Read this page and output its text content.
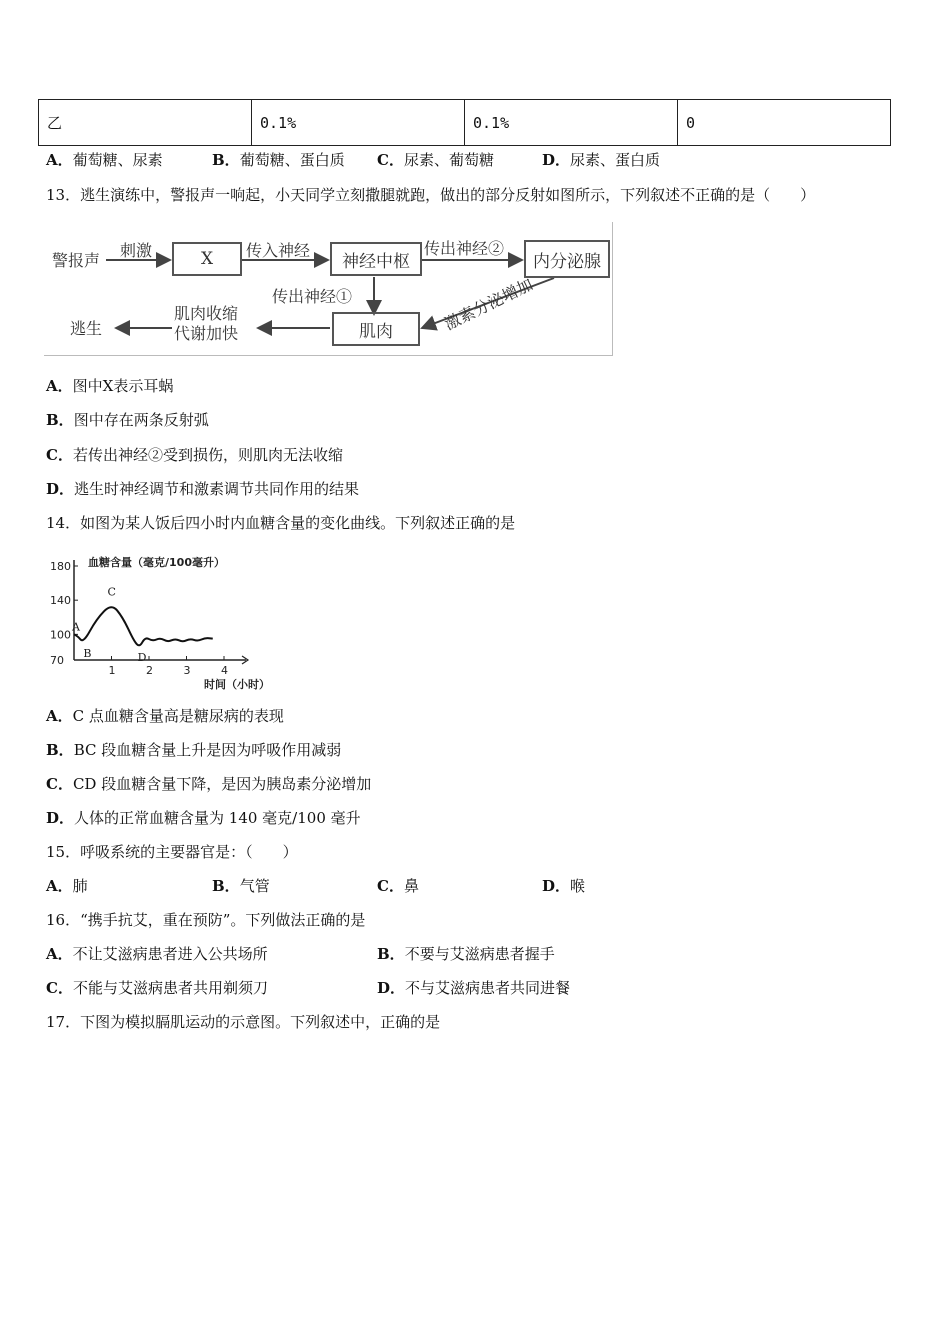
乙	0.1%	0.1%	0
A．葡萄糖、尿素	B．葡萄糖、蛋白质 C．尿素、葡萄糖	D．尿素、蛋白质
13．逃生演练中，警报声一响起，小天同学立刻撒腿就跑，做出的部分反射如图所示，下列叙述不正确的是（　　）
警报声
刺激	X	传入神经
神经中枢
传出神经②
内分泌腺
传出神经①	激素分泌增加
肌肉
肌肉收缩
代谢加快
逃生
A．图中X表示耳蜗
B．图中存在两条反射弧
C．若传出神经②受到损伤，则肌肉无法收缩
D．逃生时神经调节和激素调节共同作用的结果
14．如图为某人饭后四小时内血糖含量的变化曲线。下列叙述正确的是
180
140
100
70
1	2	3	4
血糖含量（毫克/100毫升）
时间（小时）
A
B
C
D
A．C 点血糖含量高是糖尿病的表现
B．BC 段血糖含量上升是因为呼吸作用减弱
C．CD 段血糖含量下降，是因为胰岛素分泌增加
D．人体的正常血糖含量为 140 毫克/100 毫升
15．呼吸系统的主要器官是：（　　）
A．肺	B．气管	C．鼻	D．喉
16．“携手抗艾，重在预防”。下列做法正确的是
A．不让艾滋病患者进入公共场所	B．不要与艾滋病患者握手
C．不能与艾滋病患者共用剃须刀	D．不与艾滋病患者共同进餐
17．下图为模拟膈肌运动的示意图。下列叙述中，正确的是
